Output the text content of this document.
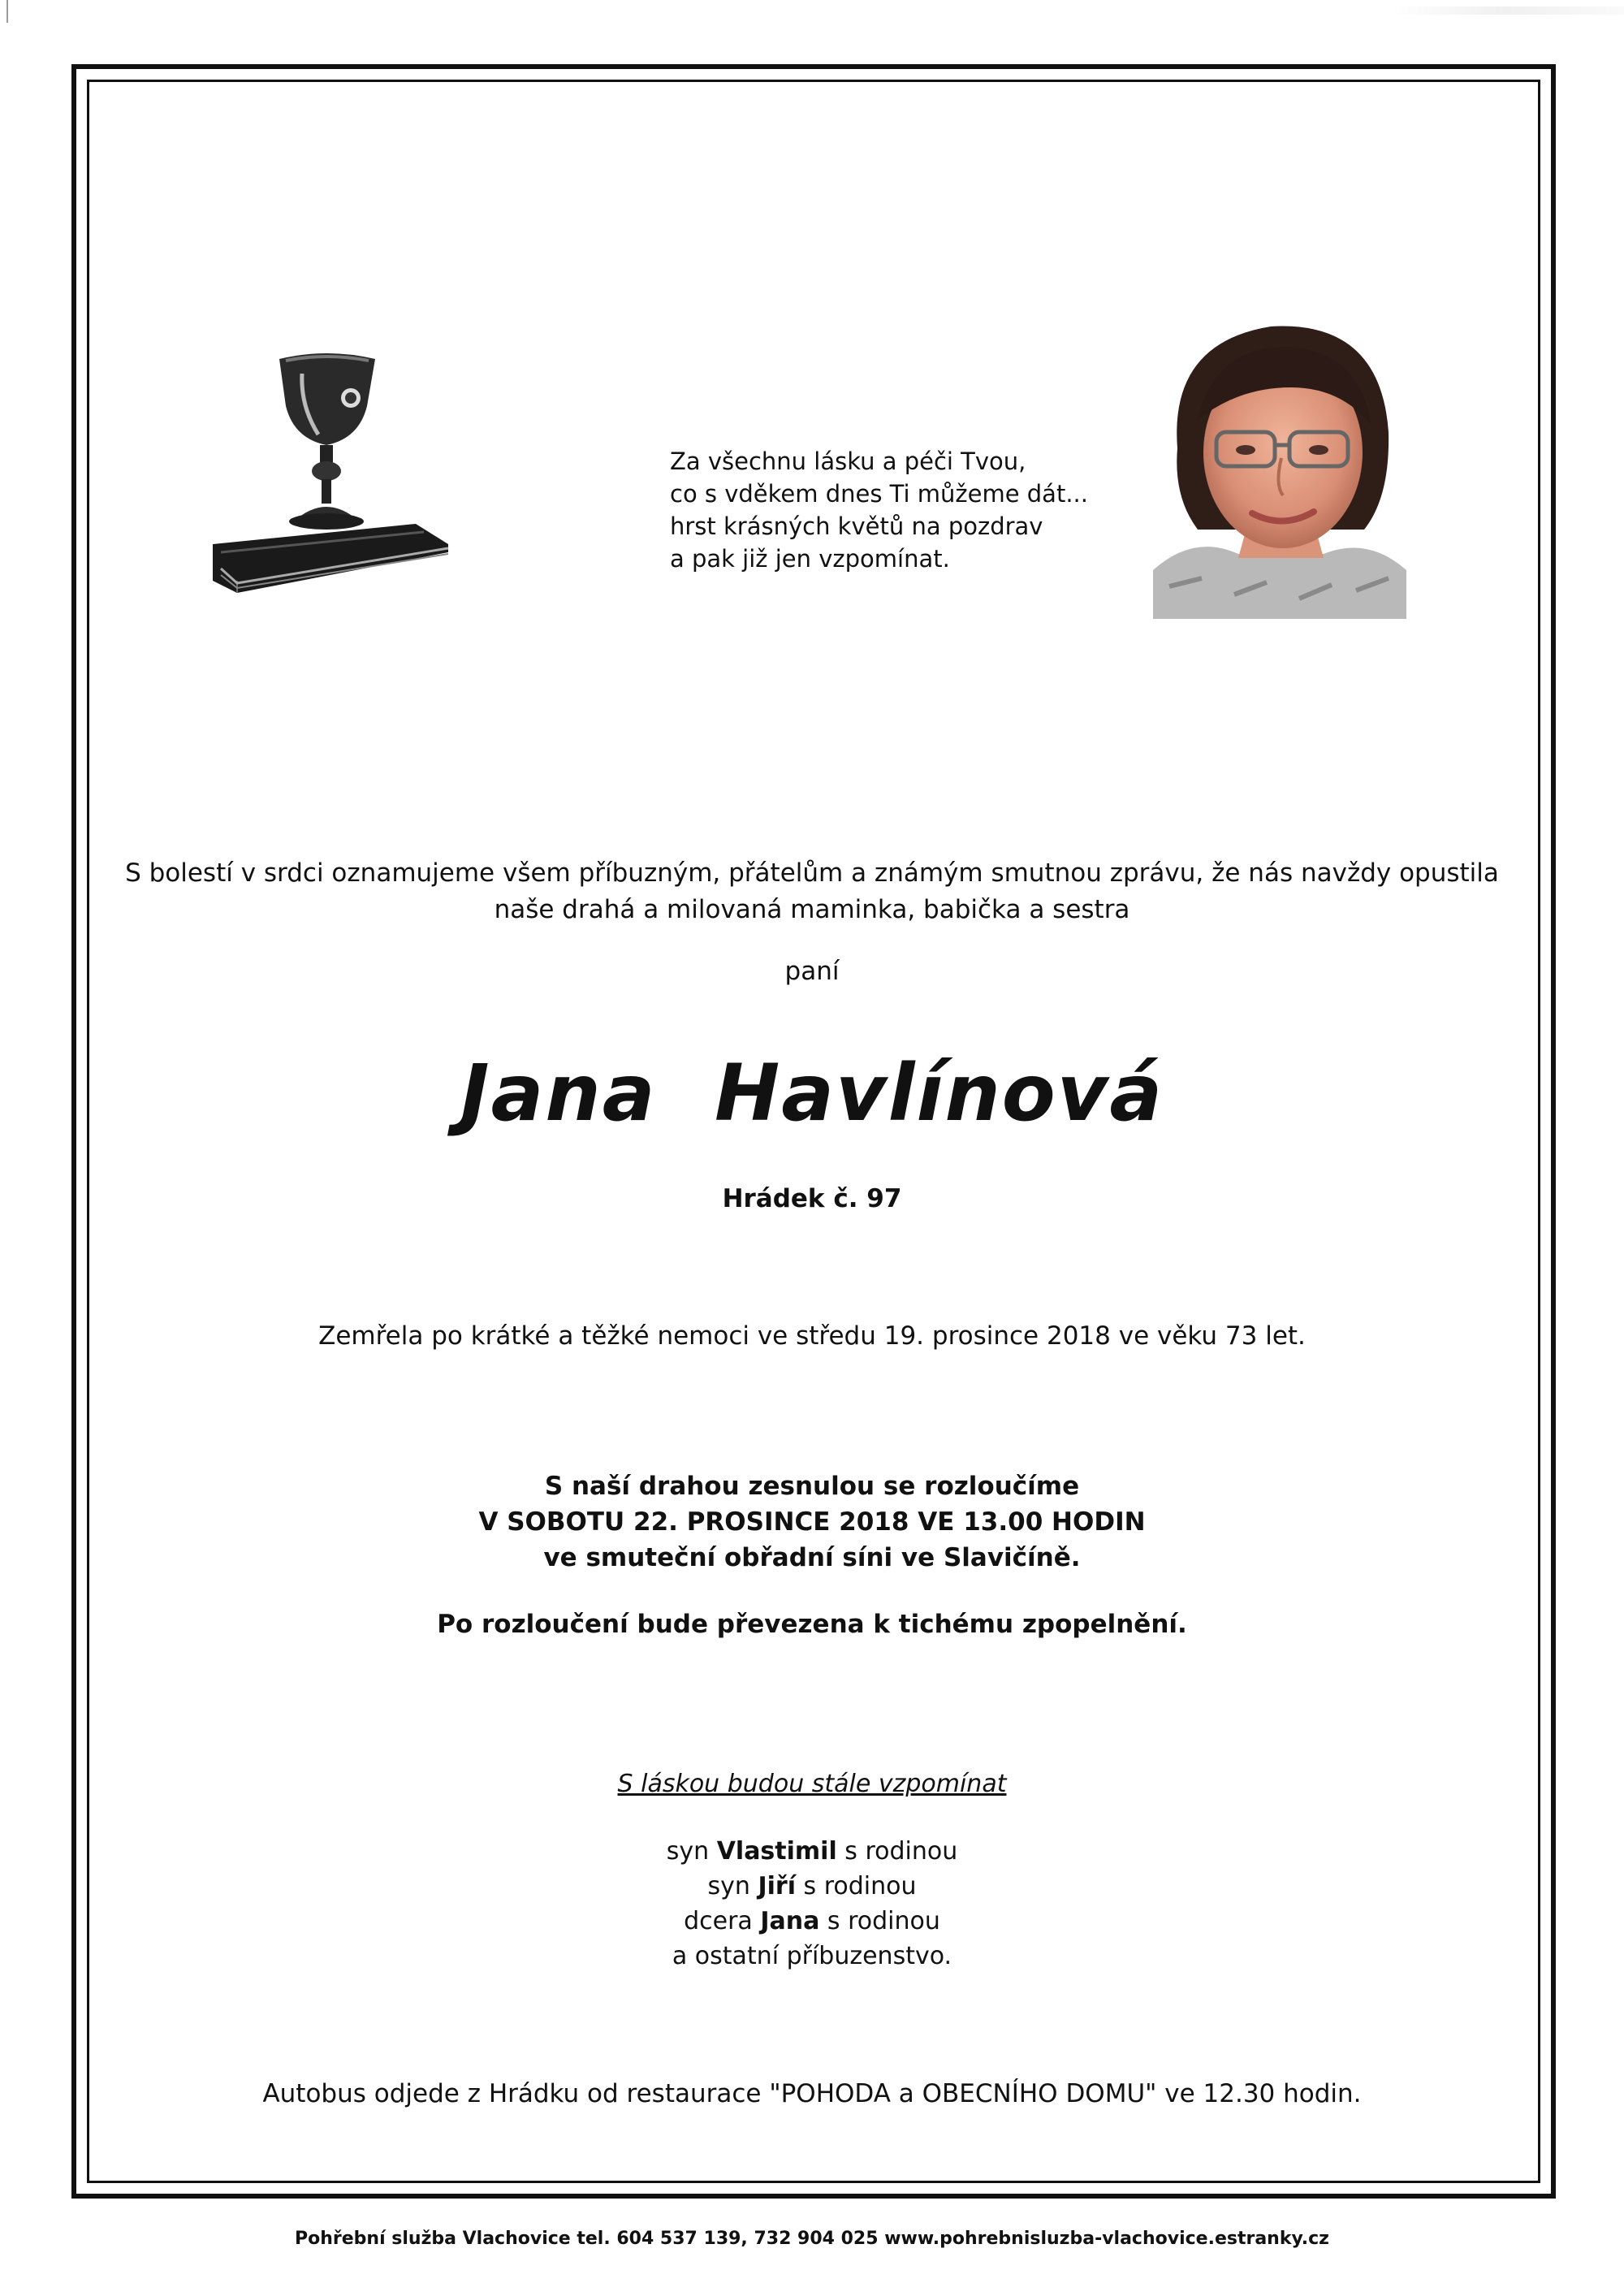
Za všechnu lásku a péči Tvou,
co s vděkem dnes Ti můžeme dát...
hrst krásných květů na pozdrav
a pak již jen vzpomínat.
S bolestí v srdci oznamujeme všem příbuzným, přátelům a známým smutnou zprávu, že nás navždy opustila
naše drahá a milovaná maminka, babička a sestra
paní
Jana Havlínová
Hrádek č. 97
Zemřela po krátké a těžké nemoci ve středu 19. prosince 2018 ve věku 73 let.
S naší drahou zesnulou se rozloučíme
V SOBOTU 22. PROSINCE 2018 VE 13.00 HODIN
ve smuteční obřadní síni ve Slavičíně.
Po rozloučení bude převezena k tichému zpopelnění.
S láskou budou stále vzpomínat
syn Vlastimil s rodinou
syn Jiří s rodinou
dcera Jana s rodinou
a ostatní příbuzenstvo.
Autobus odjede z Hrádku od restaurace "POHODA a OBECNÍHO DOMU" ve 12.30 hodin.
Pohřební služba Vlachovice tel. 604 537 139, 732 904 025 www.pohrebnisluzba-vlachovice.estranky.cz
